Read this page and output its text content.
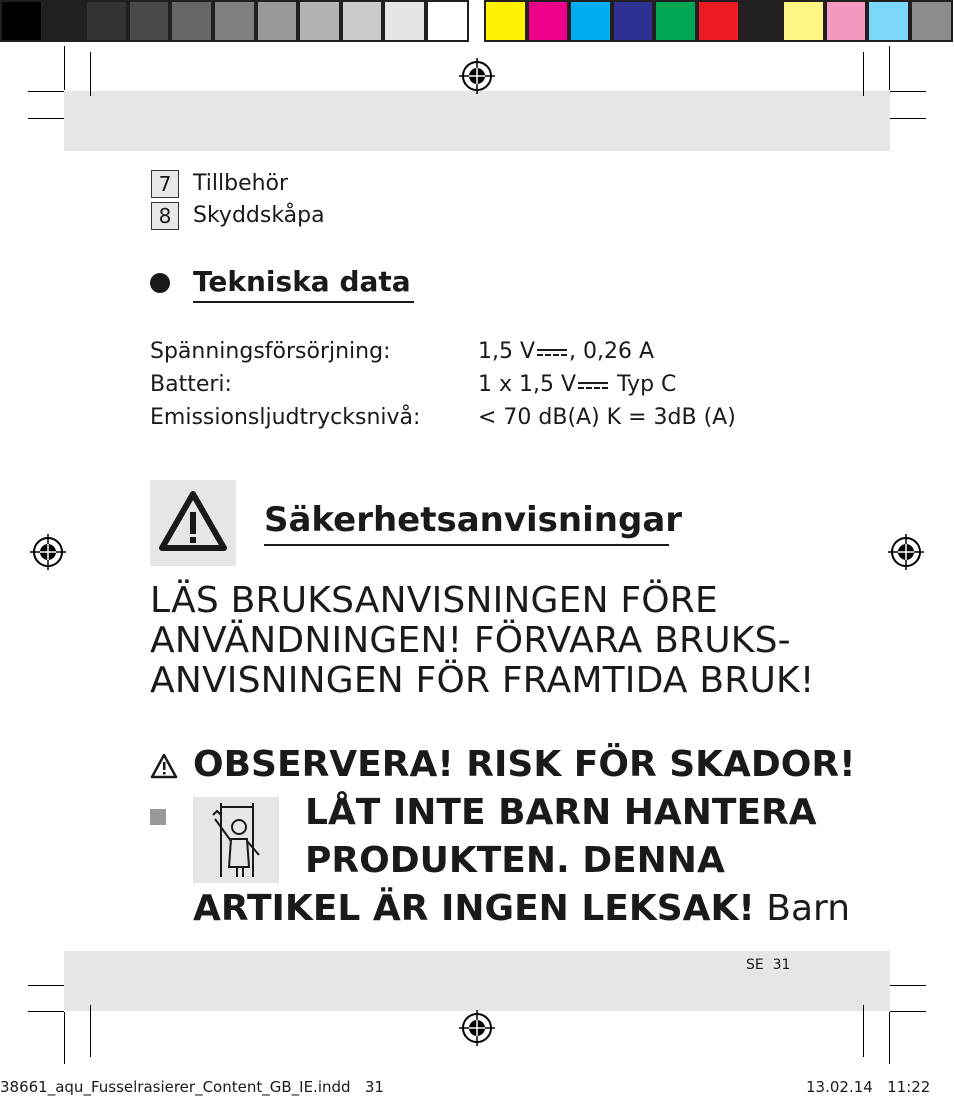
7 Tillbehör
8 Skyddskåpa
Tekniska data
Spänningsförsörjning:	1,5 V , 0,26 A
Batteri:	1 x 1,5 V Typ C
Emissionsljudtrycksnivå:	< 70 dB(A) K = 3dB (A)
Säkerhetsanvisningar
LÄS BRUKSANVISNINGEN FÖRE
ANVÄNDNINGEN! FÖRVARA BRUKS-
ANVISNINGEN FÖR FRAMTIDA BRUK!
OBSERVERA! RISK FÖR SKADOR!
LÅT INTE BARN HANTERA
PRODUKTEN. DENNA
ARTIKEL ÄR INGEN LEKSAK! Barn
SE  31
38661_aqu_Fusselrasierer_Content_GB_IE.indd   31	13.02.14   11:22
